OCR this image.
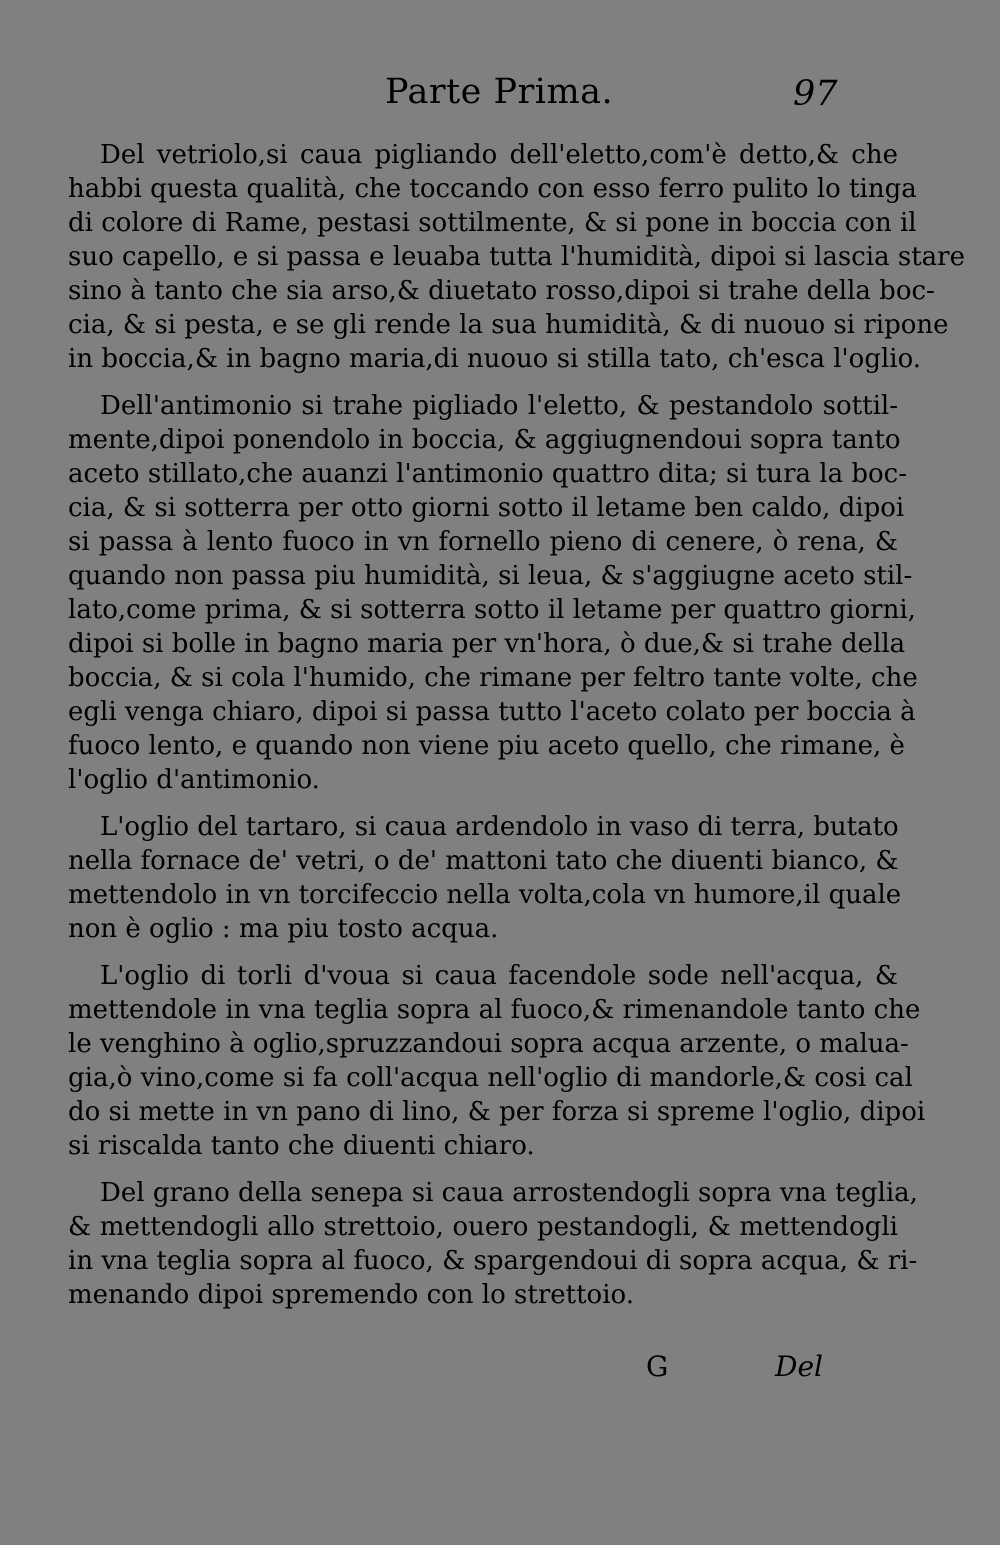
Parte Prima.	97

Del vetriolo,si caua pigliando dell'eletto,com'è detto,& che
habbi questa qualità, che toccando con esso ferro pulito lo tinga
di colore di Rame, pestasi sottilmente, & si pone in boccia con il
suo capello, e si passa e leuaba tutta l'humidità, dipoi si lascia stare
sino à tanto che sia arso,& diuetato rosso,dipoi si trahe della boc-
cia, & si pesta, e se gli rende la sua humidità, & di nuouo si ripone
in boccia,& in bagno maria,di nuouo si stilla tato, ch'esca l'oglio.

Dell'antimonio si trahe pigliado l'eletto, & pestandolo sottil-
mente,dipoi ponendolo in boccia, & aggiugnendoui sopra tanto
aceto stillato,che auanzi l'antimonio quattro dita; si tura la boc-
cia, & si sotterra per otto giorni sotto il letame ben caldo, dipoi
si passa à lento fuoco in vn fornello pieno di cenere, ò rena, &
quando non passa piu humidità, si leua, & s'aggiugne aceto stil-
lato,come prima, & si sotterra sotto il letame per quattro giorni,
dipoi si bolle in bagno maria per vn'hora, ò due,& si trahe della
boccia, & si cola l'humido, che rimane per feltro tante volte, che
egli venga chiaro, dipoi si passa tutto l'aceto colato per boccia à
fuoco lento, e quando non viene piu aceto quello, che rimane, è
l'oglio d'antimonio.

L'oglio del tartaro, si caua ardendolo in vaso di terra, butato
nella fornace de' vetri, o de' mattoni tato che diuenti bianco, &
mettendolo in vn torcifeccio nella volta,cola vn humore,il quale
non è oglio : ma piu tosto acqua.

L'oglio di torli d'voua si caua facendole sode nell'acqua, &
mettendole in vna teglia sopra al fuoco,& rimenandole tanto che
le venghino à oglio,spruzzandoui sopra acqua arzente, o malua-
gia,ò vino,come si fa coll'acqua nell'oglio di mandorle,& cosi cal
do si mette in vn pano di lino, & per forza si spreme l'oglio, dipoi
si riscalda tanto che diuenti chiaro.

Del grano della senepa si caua arrostendogli sopra vna teglia,
& mettendogli allo strettoio, ouero pestandogli, & mettendogli
in vna teglia sopra al fuoco, & spargendoui di sopra acqua, & ri-
menando dipoi spremendo con lo strettoio.

G	Del
